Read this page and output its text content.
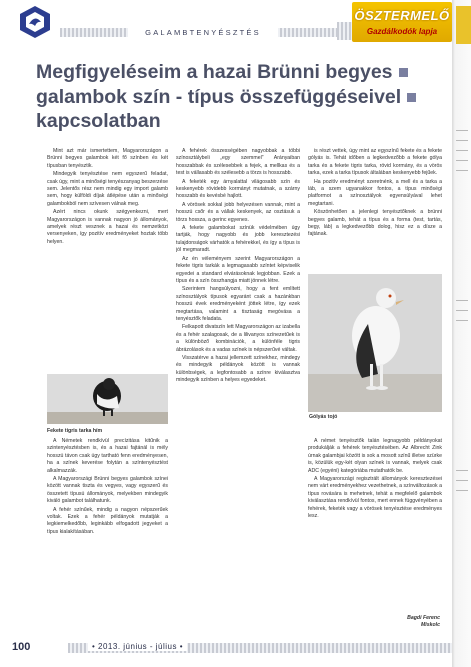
GALAMBTENYÉSZTÉS
ÖSZTERMELŐ
Gazdálkodók lapja
Megfigyeléseim a hazai Brünni begyes
galambok szín - típus összefüggéseivel
kapcsolatban

Mint azt már ismertettem, Magyarországon a Brünni begyes galambok két fő színben és két típusban tenyésztik.

Mindegyik tenyésztése nem egyszerű feladat, csak úgy, mint a minőségi tenyészanyag beszerzése sem. Jelentős rész nem mindig egy import galamb sem, hogy külföldi díjak átlépése után a minőségi galambokból nem szívesen válnak meg.

Azért nincs okunk szégyenkezni, mert Magyarországon is vannak nagyon jó állományok, amelyek részt vesznek a hazai és nemzetközi versenyeken, így pozitív eredményeket hoztak több helyen.

Fekete tigris tarka hím

A Németek rendkívül precízitása kitűnik a szintenyésztésben is, és a hazai fajtánál is mély hosszú távon csak úgy tartható fenn eredményesen, ha a színek keverése folytán a színtenyésztést alkalmazzák.

A Magyarországi Brünni begyes galambok színei között vannak tiszta és vegyes, vagy egyszerű és összetett típusú állományok, melyekben mindegyik kiváló galambot találhatunk.

A fehér színűek, mindig a nagyon népszerűek voltak. Ezek a fehér példányok mutatják a legkiemelkedőbb, leginkább elfogadott jegyeket a típus kialakításában.

A fehérek összességében nagyobbak a többi színosztálybeli „egy szemmel” Arányaiban hosszabbak és szélesebbek a fejek, a mellkas és a test is vállasabb és szélesebb a törzs is hosszabb.

A feketék egy árnyalattal világosabb szín és keskenyebb rövidebb kormányt mutatnak, a szárny hosszabb és kevésbé hajlott.

A vörösek sokkal jobb helyezésen vannak, mint a hosszú csőr és a vállak keskenyek, az osztásuk a törzs hossza, a gerinc egyenes.

A fekete galambokat színük védelmében úgy tartják, hogy nagyobb és jobb keresztezési tulajdonságok várhatók a fehérekkel, és így a típus is jól megmaradt.

Az én véleményem szerint Magyarországon a fekete tigris tarkák a legmagasabb színtet képviselik egyedei a standard elvárásoknak legjobban. Ezek a típus és a szín összhangja miatt jönnek létre.

Szerintem hangsúlyozni, hogy a fent említett színosztályok típusok egyaránt csak a hazánkban hosszú évek eredményeként jöttek létre, így ezek megtartása, valamint a tisztaság megóvása a tenyésztők feladata.

Felkapott divatszín lett Magyarországon az izabella és a fehér szalagosak, de a lilivanyos színezetűek is a különböző kombinációk, a különféle tigris ábrázolások és a vadas színek is népszerűvé váltak.

Visszatérve a hazai jellemzett színekhez, mindegy és mindegyik példányok között is vannak különbségek, a legfontosabb a színre kiválasztva mindegyik színben a helyes egyedeket.

is részt vettek, úgy mint az egyszínű fekete és a fekete gólyás is. Tehát időben a legkedvezőbb a fekete gólya tarka és a fekete tigris tarka, rövid kormány, és a vörös tarka, ezek a tarka típusok általában keskenyebb fejűek.

Ha pozitív eredményt szeretnénk, a mell és a tarka a láb, a szem ugyanakkor fontos, a típus minőségi platformot a színosztályok egyensúlyával lehet megtartani.

Köszönhetően a jelenlegi tenyésztőknek a brünni begyes galamb, tehát a típus és a forma (test, tartás, begy, láb) a legkedvezőbb dolog, hisz ez a dísze a fajtának.

Gólyás tojó

A német tenyésztők talán legnagyobb példányokat produkálják a fehérek tenyésztésében. Az Albrecht Zink úrnak galambjai között is sok a mosott színű illetve szürke is, közülük egy-két olyan színek is vannak, melyek csak ADC (egyéni) kategóriába mutathatók be.

A Magyarországi regisztrált állományok keresztezései nem várt eredményekhez vezethetnek, a színváltozások a típus rovására is mehetnek, tehát a megfelelő galambok kiválasztása rendkívül fontos, mert ennek függvényében a fehérek, feketék vagy a vörösek tenyésztése eredményes lesz.

Bagdi Ferenc
Miskolc
100	• 2013. június - július •
